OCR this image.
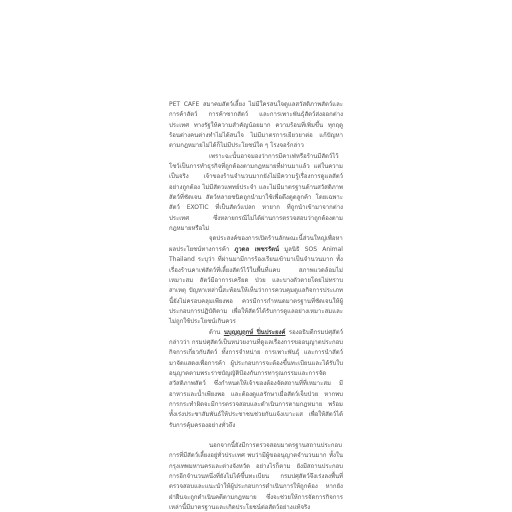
PET CAFE สมาคมสัตว์เลี้ยง ไม่มีใครสนใจดูแลสวัสดิภาพสัตว์และการค้าสัตว์ การค้าซากสัตว์ และการเพาะพันธุ์สัตว์ส่งออกต่างประเทศ ทางรัฐให้ความสำคัญน้อยมาก ความร้อนที่เพิ่มขึ้น ทุกฤดูร้อนต่างคนต่างทำไม่ได้สนใจ ไม่มีมาตรการเยียวยาต่อ แก้ปัญหาตามกฎหมายไม่ได้ก็ไม่มีประโยชน์ใด ๆ โรงจอร์กล่าว

เพราะฉะนั้นอาจมองว่าการมีคาเฟ่หรือร้านมีสัตว์ไว้โชว์เป็นการทำธุรกิจที่ถูกต้องตามกฎหมายที่ผ่านมาแล้ว แต่ในความเป็นจริง เจ้าของร้านจำนวนมากยังไม่มีความรู้เรื่องการดูแลสัตว์อย่างถูกต้อง ไม่มีสัตวแพทย์ประจำ และไม่มีมาตรฐานด้านสวัสดิภาพสัตว์ที่ชัดเจน สัตว์หลายชนิดถูกนำมาใช้เพื่อดึงดูดลูกค้า โดยเฉพาะสัตว์ EXOTIC ที่เป็นสัตว์แปลก หายาก ที่ถูกนำเข้ามาจากต่างประเทศ ซึ่งหลายกรณีไม่ได้ผ่านการตรวจสอบว่าถูกต้องตามกฎหมายหรือไม่

จุดประสงค์ของการเปิดร้านลักษณะนี้ส่วนใหญ่เพื่อหาผลประโยชน์ทางการค้า ภูวดล เพชรรัตน์ มูลนิธิ SOS Animal Thailand ระบุว่า ที่ผ่านมามีการร้องเรียนเข้ามาเป็นจำนวนมาก ทั้งเรื่องร้านคาเฟ่สัตว์ที่เลี้ยงสัตว์ไว้ในพื้นที่แคบ สภาพแวดล้อมไม่เหมาะสม สัตว์มีอาการเครียด ป่วย และบางตัวตายโดยไม่ทราบสาเหตุ ปัญหาเหล่านี้สะท้อนให้เห็นว่าการควบคุมดูแลกิจการประเภทนี้ยังไม่ครอบคลุมเพียงพอ ควรมีการกำหนดมาตรฐานที่ชัดเจนให้ผู้ประกอบการปฏิบัติตาม เพื่อให้สัตว์ได้รับการดูแลอย่างเหมาะสมและไม่ถูกใช้ประโยชน์เกินควร

ด้าน นบุญญฤกษ์ ปิ่นประยงค์ รองอธิบดีกรมปศุสัตว์ กล่าวว่า กรมปศุสัตว์เป็นหน่วยงานที่ดูแลเรื่องการขออนุญาตประกอบกิจการเกี่ยวกับสัตว์ ทั้งการจำหน่าย การเพาะพันธุ์ และการนำสัตว์มาจัดแสดงเพื่อการค้า ผู้ประกอบการจะต้องขึ้นทะเบียนและได้รับใบอนุญาตตามพระราชบัญญัติป้องกันการทารุณกรรมและการจัดสวัสดิภาพสัตว์ ซึ่งกำหนดให้เจ้าของต้องจัดสถานที่ที่เหมาะสม มีอาหารและน้ำเพียงพอ และต้องดูแลรักษาเมื่อสัตว์เจ็บป่วย หากพบการกระทำผิดจะมีการตรวจสอบและดำเนินการตามกฎหมาย พร้อมทั้งเร่งประชาสัมพันธ์ให้ประชาชนช่วยกันแจ้งเบาะแส เพื่อให้สัตว์ได้รับการคุ้มครองอย่างทั่วถึง

นอกจากนี้ยังมีการตรวจสอบมาตรฐานสถานประกอบการที่มีสัตว์เลี้ยงอยู่ทั่วประเทศ พบว่ามีผู้ขออนุญาตจำนวนมาก ทั้งในกรุงเทพมหานครและต่างจังหวัด อย่างไรก็ตาม ยังมีสถานประกอบการอีกจำนวนหนึ่งที่ยังไม่ได้ขึ้นทะเบียน กรมปศุสัตว์จึงเร่งลงพื้นที่ตรวจสอบและแนะนำให้ผู้ประกอบการดำเนินการให้ถูกต้อง หากยังฝ่าฝืนจะถูกดำเนินคดีตามกฎหมาย ซึ่งจะช่วยให้การจัดการกิจการเหล่านี้มีมาตรฐานและเกิดประโยชน์ต่อสัตว์อย่างแท้จริง
